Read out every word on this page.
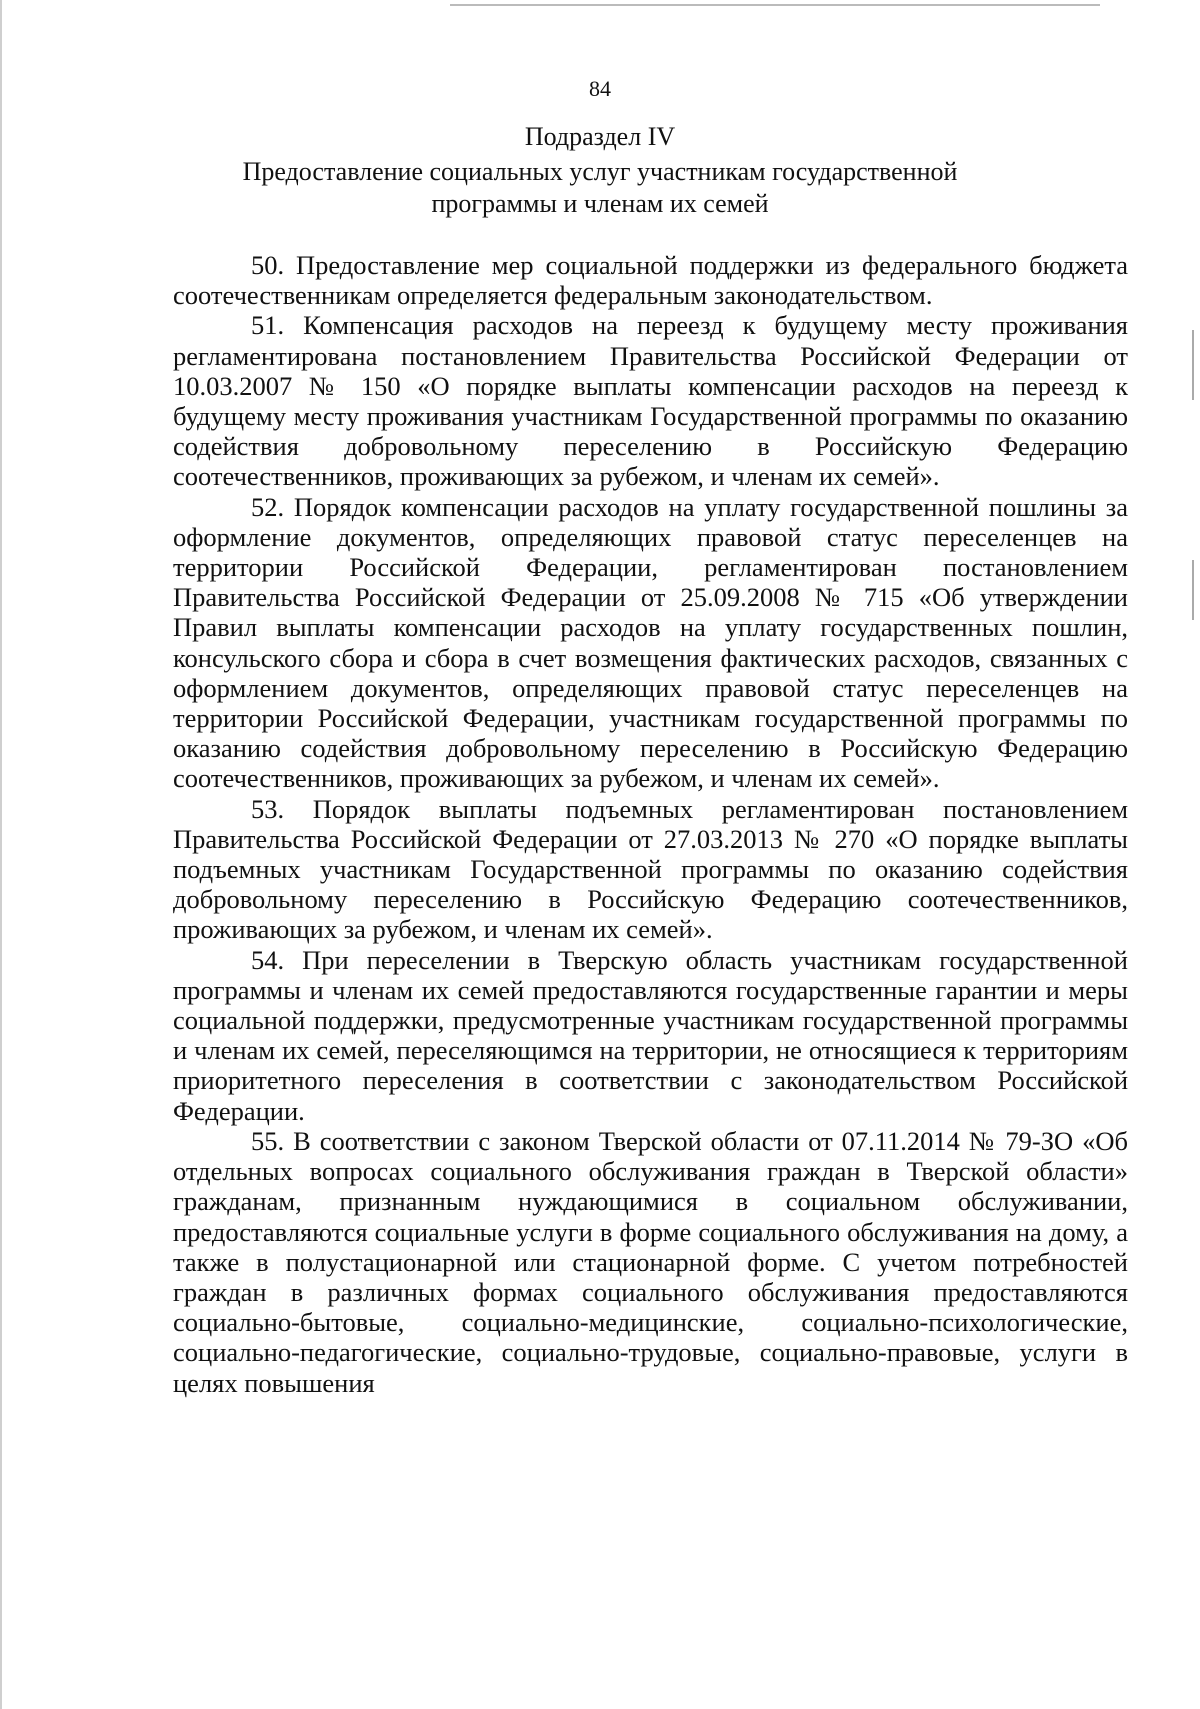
84
Подраздел IV
Предоставление социальных услуг участникам государственной программы и членам их семей

50. Предоставление мер социальной поддержки из федерального бюджета соотечественникам определяется федеральным законодательством.

51. Компенсация расходов на переезд к будущему месту проживания регламентирована постановлением Правительства Российской Федерации от 10.03.2007 № 150 «О порядке выплаты компенсации расходов на переезд к будущему месту проживания участникам Государственной программы по оказанию содействия добровольному переселению в Российскую Федерацию соотечественников, проживающих за рубежом, и членам их семей».

52. Порядок компенсации расходов на уплату государственной пошлины за оформление документов, определяющих правовой статус переселенцев на территории Российской Федерации, регламентирован постановлением Правительства Российской Федерации от 25.09.2008 № 715 «Об утверждении Правил выплаты компенсации расходов на уплату государственных пошлин, консульского сбора и сбора в счет возмещения фактических расходов, связанных с оформлением документов, определяющих правовой статус переселенцев на территории Российской Федерации, участникам государственной программы по оказанию содействия добровольному переселению в Российскую Федерацию соотечественников, проживающих за рубежом, и членам их семей».

53. Порядок выплаты подъемных регламентирован постановлением Правительства Российской Федерации от 27.03.2013 № 270 «О порядке выплаты подъемных участникам Государственной программы по оказанию содействия добровольному переселению в Российскую Федерацию соотечественников, проживающих за рубежом, и членам их семей».

54. При переселении в Тверскую область участникам государственной программы и членам их семей предоставляются государственные гарантии и меры социальной поддержки, предусмотренные участникам государственной программы и членам их семей, переселяющимся на территории, не относящиеся к территориям приоритетного переселения в соответствии с законодательством Российской Федерации.

55. В соответствии с законом Тверской области от 07.11.2014 № 79-ЗО «Об отдельных вопросах социального обслуживания граждан в Тверской области» гражданам, признанным нуждающимися в социальном обслуживании, предоставляются социальные услуги в форме социального обслуживания на дому, а также в полустационарной или стационарной форме. С учетом потребностей граждан в различных формах социального обслуживания предоставляются социально-бытовые, социально-медицинские, социально-психологические, социально-педагогические, социально-трудовые, социально-правовые, услуги в целях повышения
